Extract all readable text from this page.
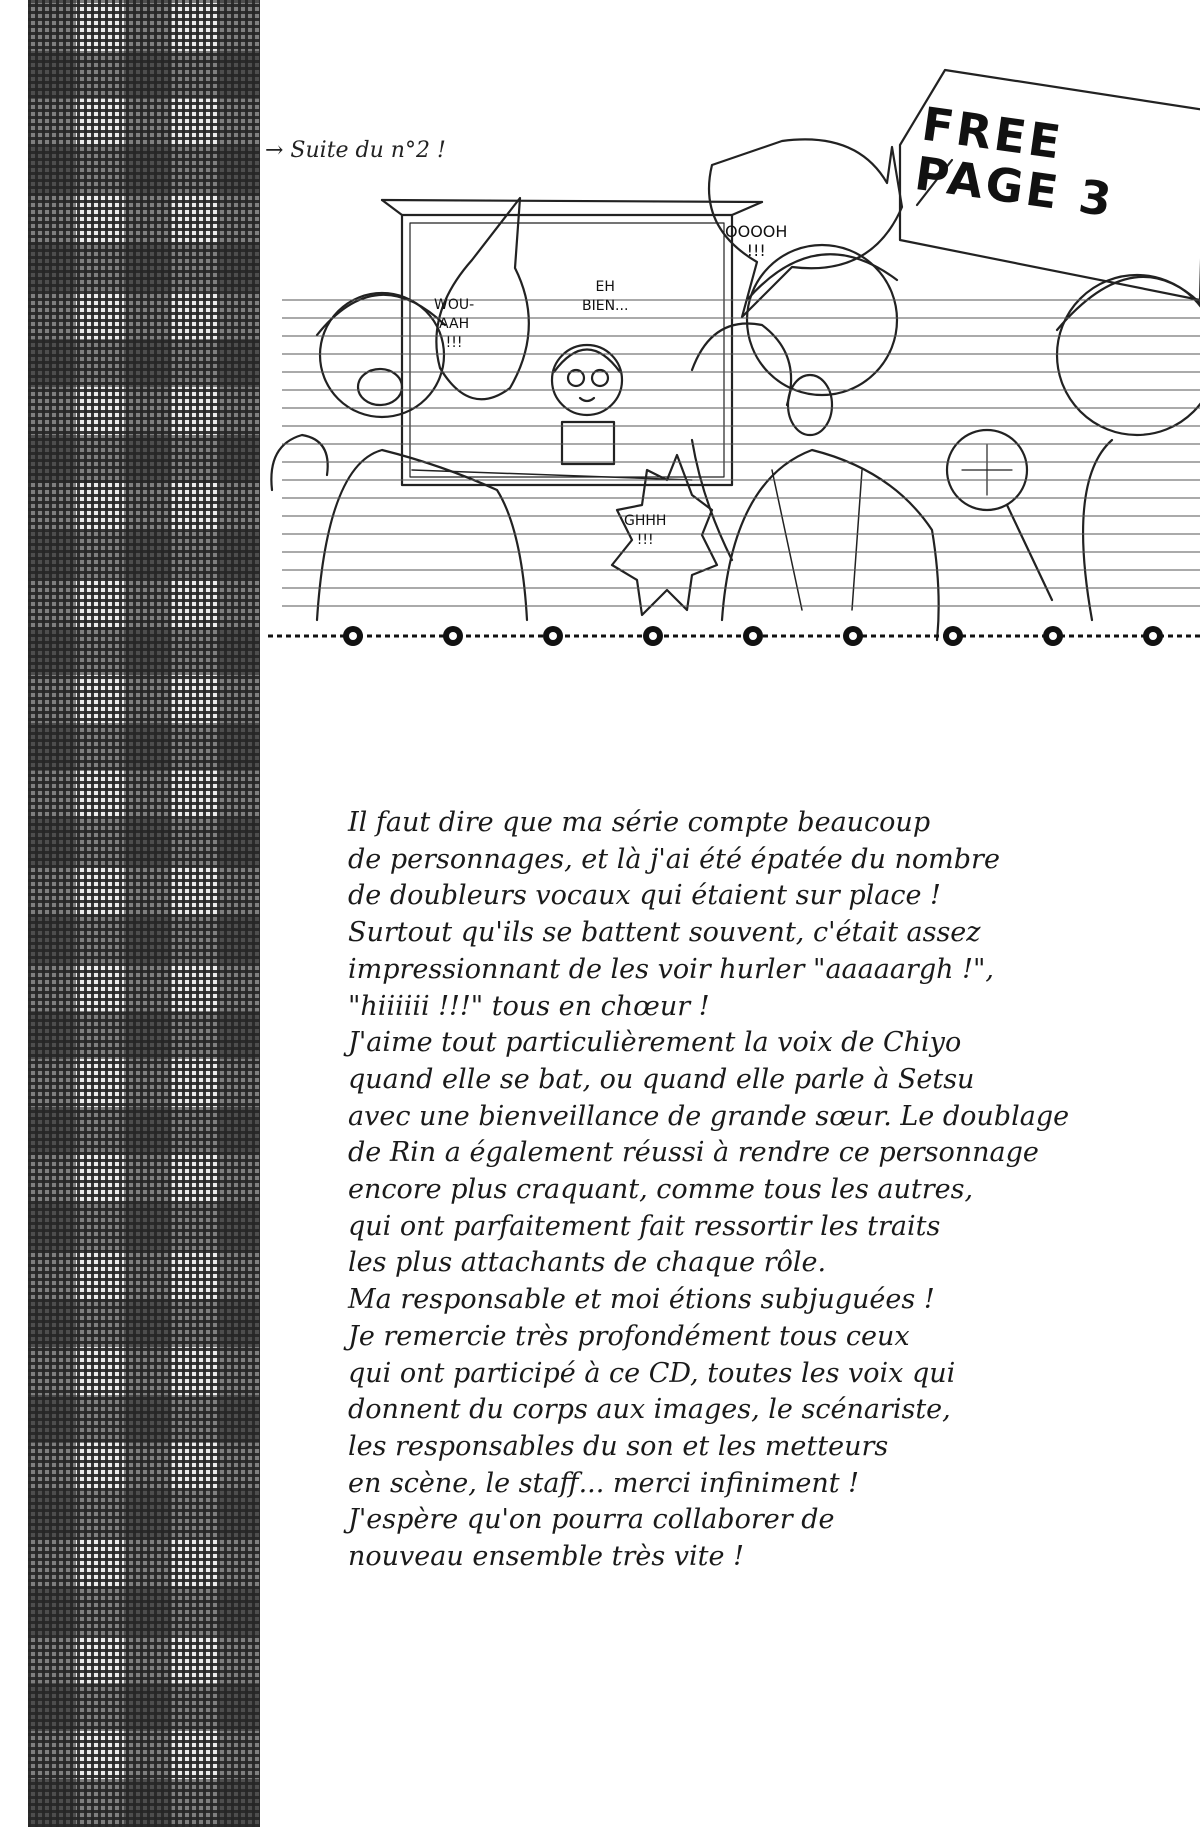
→ Suite du n°2 !	FREE
PAGE 3
WOU-
AAH
!!!
EH
BIEN...
OOOOH
!!!
GHHH
!!!

Il faut dire que ma série compte beaucoup

de personnages, et là j'ai été épatée du nombre

de doubleurs vocaux qui étaient sur place !

Surtout qu'ils se battent souvent, c'était assez

impressionnant de les voir hurler "aaaaargh !",

"hiiiiii !!!" tous en chœur !

J'aime tout particulièrement la voix de Chiyo

quand elle se bat, ou quand elle parle à Setsu

avec une bienveillance de grande sœur. Le doublage

de Rin a également réussi à rendre ce personnage

encore plus craquant, comme tous les autres,

qui ont parfaitement fait ressortir les traits

les plus attachants de chaque rôle.

Ma responsable et moi étions subjuguées !

Je remercie très profondément tous ceux

qui ont participé à ce CD, toutes les voix qui

donnent du corps aux images, le scénariste,

les responsables du son et les metteurs

en scène, le staff... merci infiniment !

J'espère qu'on pourra collaborer de

nouveau ensemble très vite !
